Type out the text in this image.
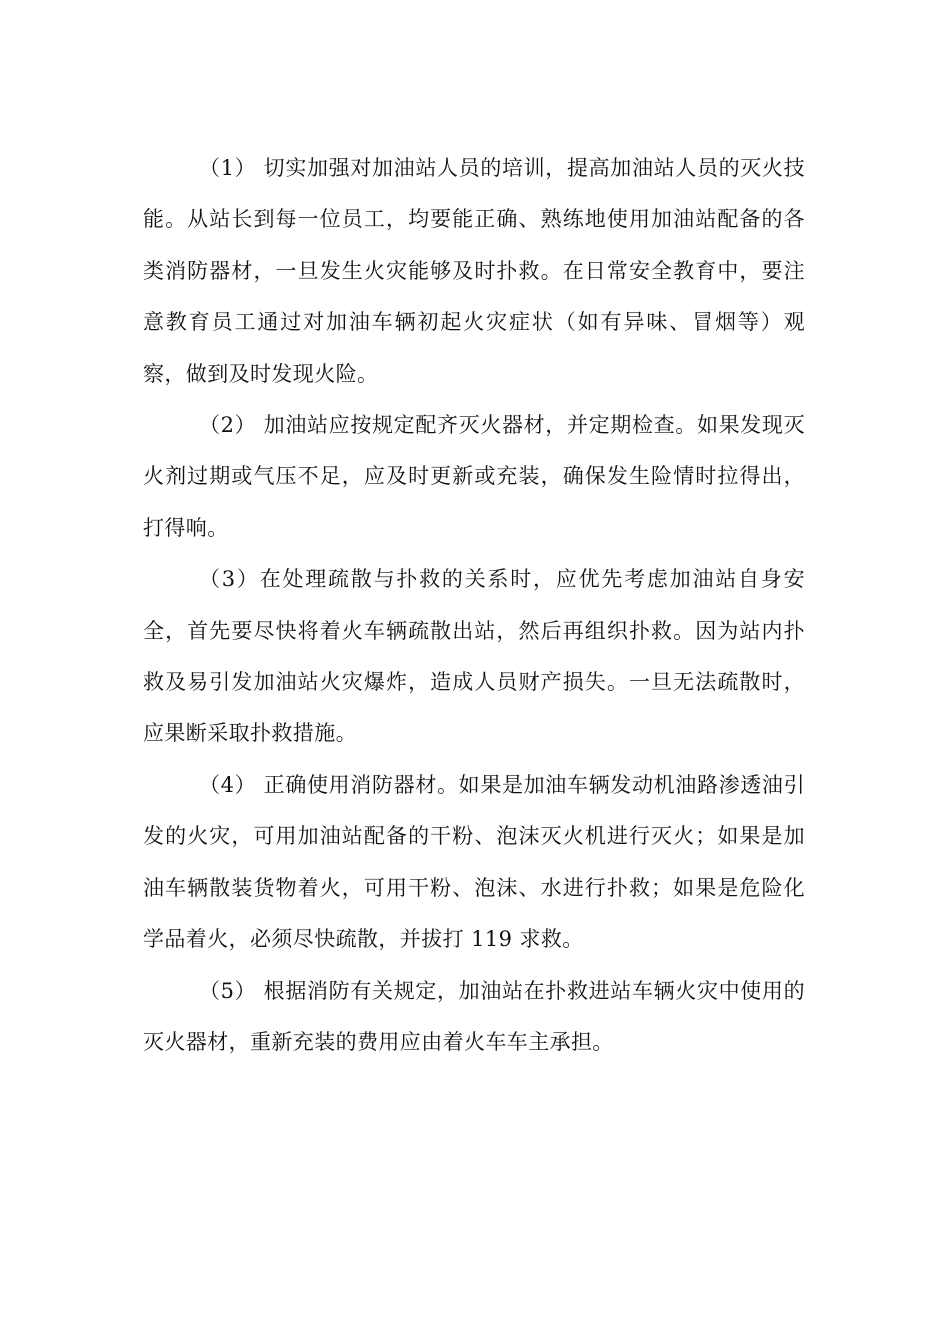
（1） 切实加强对加油站人员的培训，提高加油站人员的灭火技能。从站长到每一位员工，均要能正确、熟练地使用加油站配备的各类消防器材，一旦发生火灾能够及时扑救。在日常安全教育中，要注意教育员工通过对加油车辆初起火灾症状（如有异味、冒烟等）观察，做到及时发现火险。

（2） 加油站应按规定配齐灭火器材，并定期检查。如果发现灭火剂过期或气压不足，应及时更新或充装，确保发生险情时拉得出，打得响。

（3）在处理疏散与扑救的关系时，应优先考虑加油站自身安全，首先要尽快将着火车辆疏散出站，然后再组织扑救。因为站内扑救及易引发加油站火灾爆炸，造成人员财产损失。一旦无法疏散时，应果断采取扑救措施。

（4） 正确使用消防器材。如果是加油车辆发动机油路渗透油引发的火灾，可用加油站配备的干粉、泡沫灭火机进行灭火；如果是加油车辆散装货物着火，可用干粉、泡沫、水进行扑救；如果是危险化学品着火，必须尽快疏散，并拔打 119 求救。

（5） 根据消防有关规定，加油站在扑救进站车辆火灾中使用的灭火器材，重新充装的费用应由着火车车主承担。
